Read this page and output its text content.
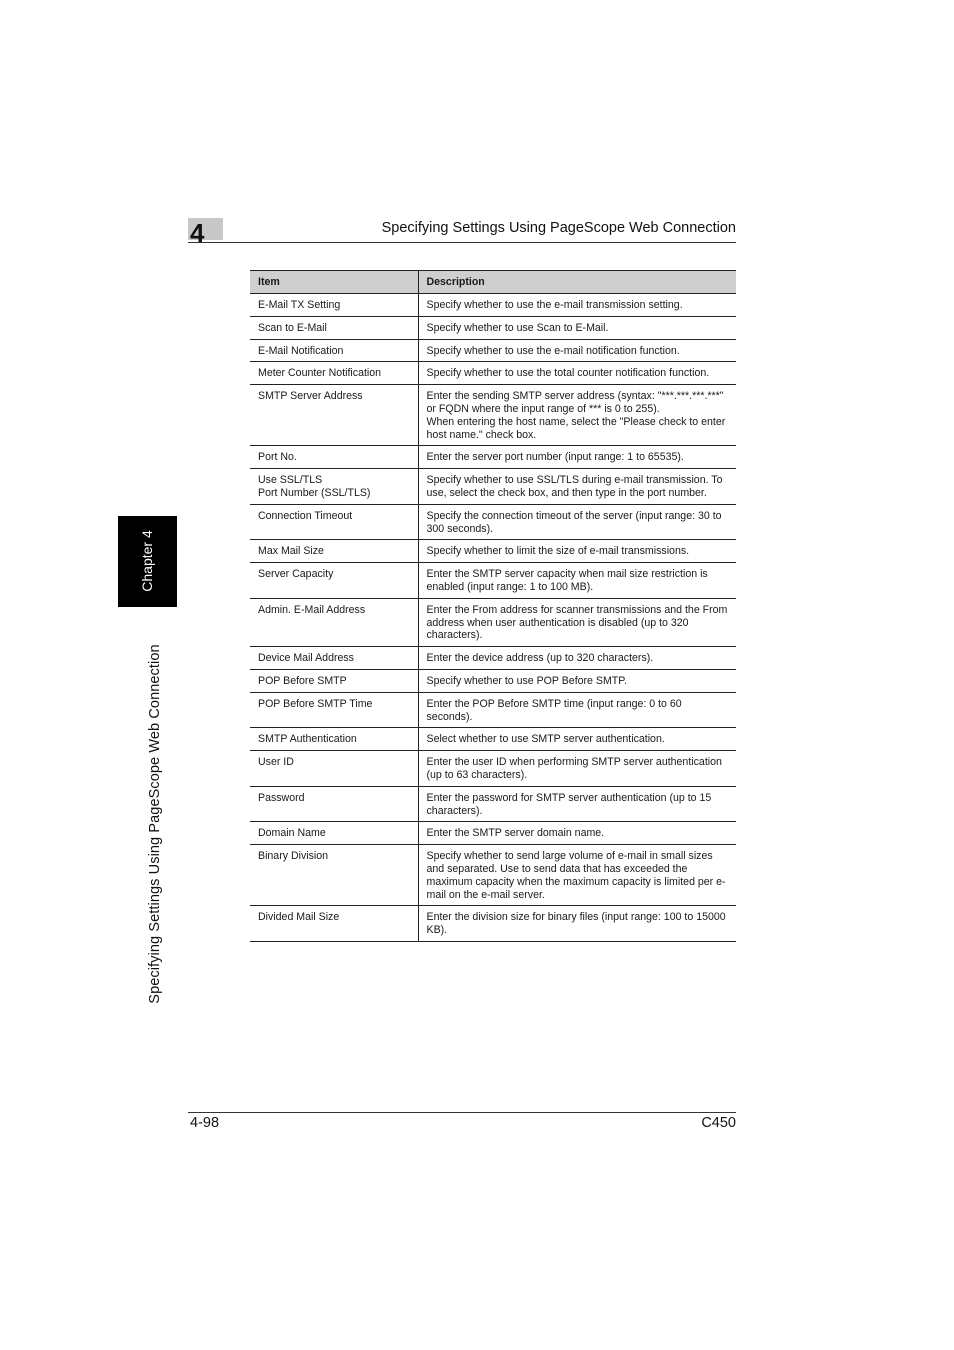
4	Specifying Settings Using PageScope Web Connection
Chapter 4
Specifying Settings Using PageScope Web Connection
Item	Description
E-Mail TX Setting	Specify whether to use the e-mail transmission setting.
Scan to E-Mail	Specify whether to use Scan to E-Mail.
E-Mail Notification	Specify whether to use the e-mail notification function.
Meter Counter Notification	Specify whether to use the total counter notification function.
SMTP Server Address	Enter the sending SMTP server address (syntax: "***.***.***.***" or FQDN where the input range of *** is 0 to 255).
When entering the host name, select the "Please check to enter host name." check box.
Port No.	Enter the server port number (input range: 1 to 65535).
Use SSL/TLS
Port Number (SSL/TLS)	Specify whether to use SSL/TLS during e-mail transmission. To use, select the check box, and then type in the port number.
Connection Timeout	Specify the connection timeout of the server (input range: 30 to 300 seconds).
Max Mail Size	Specify whether to limit the size of e-mail transmissions.
Server Capacity	Enter the SMTP server capacity when mail size restriction is enabled (input range: 1 to 100 MB).
Admin. E-Mail Address	Enter the From address for scanner transmissions and the From address when user authentication is disabled (up to 320 characters).
Device Mail Address	Enter the device address (up to 320 characters).
POP Before SMTP	Specify whether to use POP Before SMTP.
POP Before SMTP Time	Enter the POP Before SMTP time (input range: 0 to 60 seconds).
SMTP Authentication	Select whether to use SMTP server authentication.
User ID	Enter the user ID when performing SMTP server authentication (up to 63 characters).
Password	Enter the password for SMTP server authentication (up to 15 characters).
Domain Name	Enter the SMTP server domain name.
Binary Division	Specify whether to send large volume of e-mail in small sizes and separated. Use to send data that has exceeded the maximum capacity when the maximum capacity is limited per e-mail on the e-mail server.
Divided Mail Size	Enter the division size for binary files (input range: 100 to 15000 KB).
4-98	C450
